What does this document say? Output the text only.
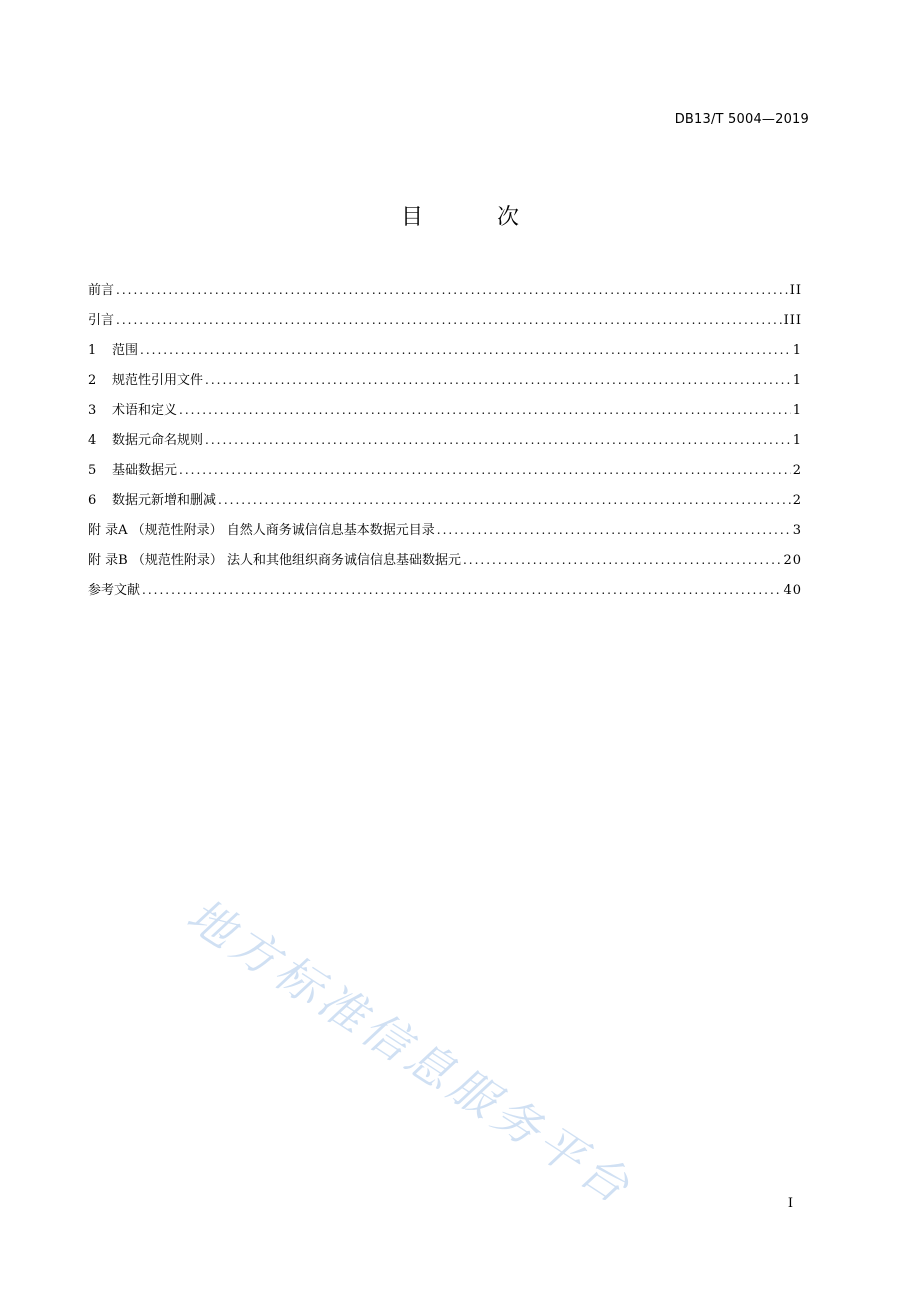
DB13/T 5004—2019
目　次
前言 .....	II
引言 .....	III
1	范围 .....	1
2	规范性引用文件 .....	1
3	术语和定义 .....	1
4	数据元命名规则 .....	1
5	基础数据元 .....	2
6	数据元新增和删减 .....	2
附 录A （规范性附录） 自然人商务诚信信息基本数据元目录 .....	3
附 录B （规范性附录） 法人和其他组织商务诚信信息基础数据元 .....	20
参考文献 .....	40
地方标准信息服务平台	I
